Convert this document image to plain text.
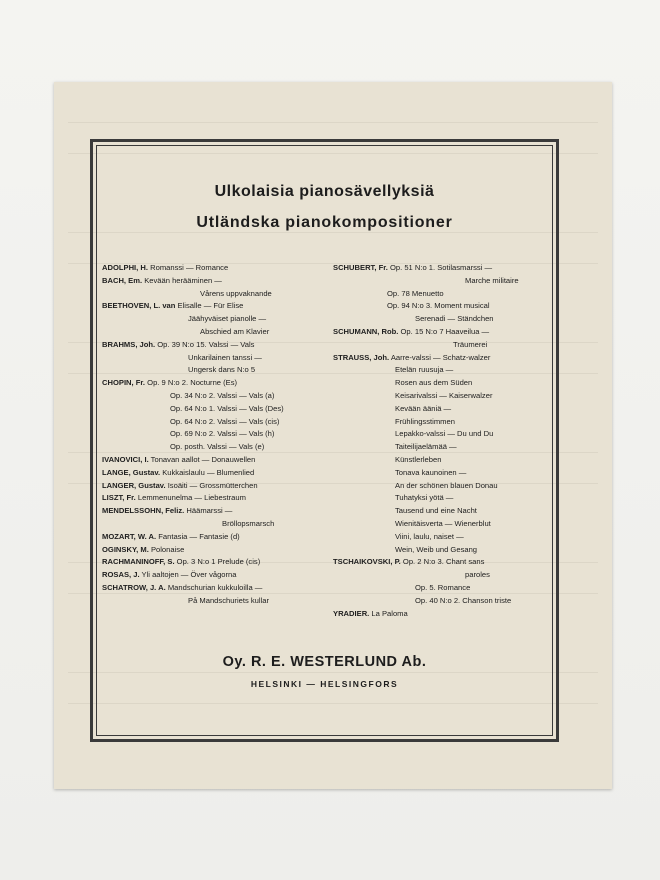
Ulkolaisia pianosävellyksiä
Utländska pianokompositioner
ADOLPHI, H. Romanssi — Romance
BACH, Em. Kevään herääminen —
Vårens uppvaknande
BEETHOVEN, L. van Elisalle — Für Elise
Jäähyväiset pianolle —
Abschied am Klavier
BRAHMS, Joh. Op. 39 N:o 15. Valssi — Vals
Unkarilainen tanssi —
Ungersk dans N:o 5
CHOPIN, Fr. Op. 9 N:o 2. Nocturne (Es)
Op. 34 N:o 2. Valssi — Vals (a)
Op. 64 N:o 1. Valssi — Vals (Des)
Op. 64 N:o 2. Valssi — Vals (cis)
Op. 69 N:o 2. Valssi — Vals (h)
Op. posth. Valssi — Vals (e)
IVANOVICI, I. Tonavan aallot — Donauwellen
LANGE, Gustav. Kukkaislaulu — Blumenlied
LANGER, Gustav. Isoäiti — Grossmütterchen
LISZT, Fr. Lemmenunelma — Liebestraum
MENDELSSOHN, Feliz. Häämarssi —
Bröllopsmarsch
MOZART, W. A. Fantasia — Fantasie (d)
OGINSKY, M. Polonaise
RACHMANINOFF, S. Op. 3 N:o 1 Prelude (cis)
ROSAS, J. Yli aaltojen — Över vågorna
SCHATROW, J. A. Mandschurian kukkuloilla —
På Mandschuriets kullar
SCHUBERT, Fr. Op. 51 N:o 1. Sotilasmarssi —
Marche militaire
Op. 78 Menuetto
Op. 94 N:o 3. Moment musical
Serenadi — Ständchen
SCHUMANN, Rob. Op. 15 N:o 7 Haaveilua —
Träumerei
STRAUSS, Joh. Aarre-valssi — Schatz-walzer
Etelän ruusuja —
Rosen aus dem Süden
Keisarivalssi — Kaiserwalzer
Kevään ääniä —
Frühlingsstimmen
Lepakko-valssi — Du und Du
Taiteilijaelämää —
Künstlerleben
Tonava kaunoinen —
An der schönen blauen Donau
Tuhatyksi yötä —
Tausend und eine Nacht
Wienitäisverta — Wienerblut
Viini, laulu, naiset —
Wein, Weib und Gesang
TSCHAIKOVSKI, P. Op. 2 N:o 3. Chant sans
paroles
Op. 5. Romance
Op. 40 N:o 2. Chanson triste
YRADIER. La Paloma
Oy. R. E. WESTERLUND Ab.
HELSINKI — HELSINGFORS
